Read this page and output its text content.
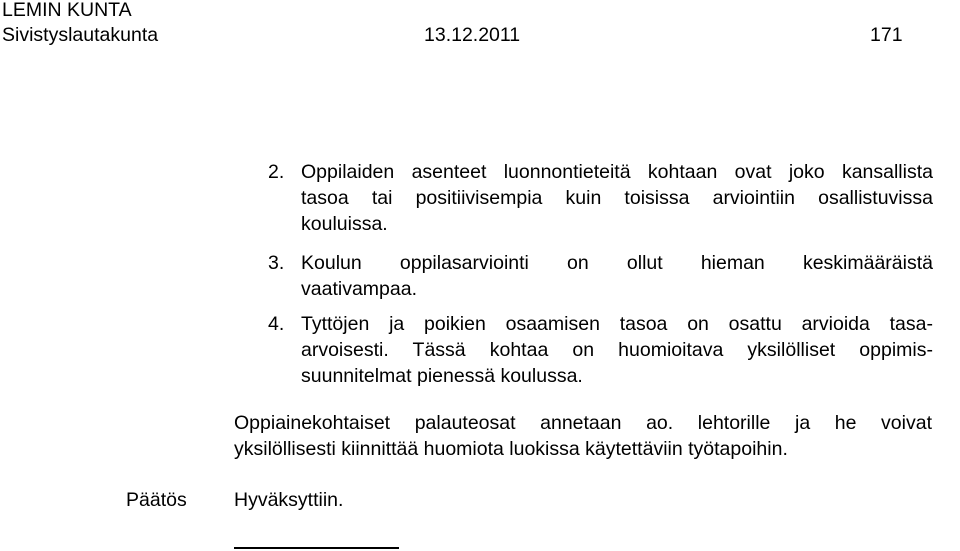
LEMIN KUNTA
Sivistyslautakunta	13.12.2011	171
2. Oppilaiden asenteet luonnontieteitä kohtaan ovat joko kansallista
tasoa tai positiivisempia kuin toisissa arviointiin osallistuvissa
kouluissa.
3. Koulun oppilasarviointi on ollut hieman keskimääräistä
vaativampaa.
4. Tyttöjen ja poikien osaamisen tasoa on osattu arvioida tasa-
arvoisesti. Tässä kohtaa on huomioitava yksilölliset oppimis-
suunnitelmat pienessä koulussa.
Oppiainekohtaiset palauteosat annetaan ao. lehtorille ja he voivat
yksilöllisesti kiinnittää huomiota luokissa käytettäviin työtapoihin.
Päätös Hyväksyttiin.
